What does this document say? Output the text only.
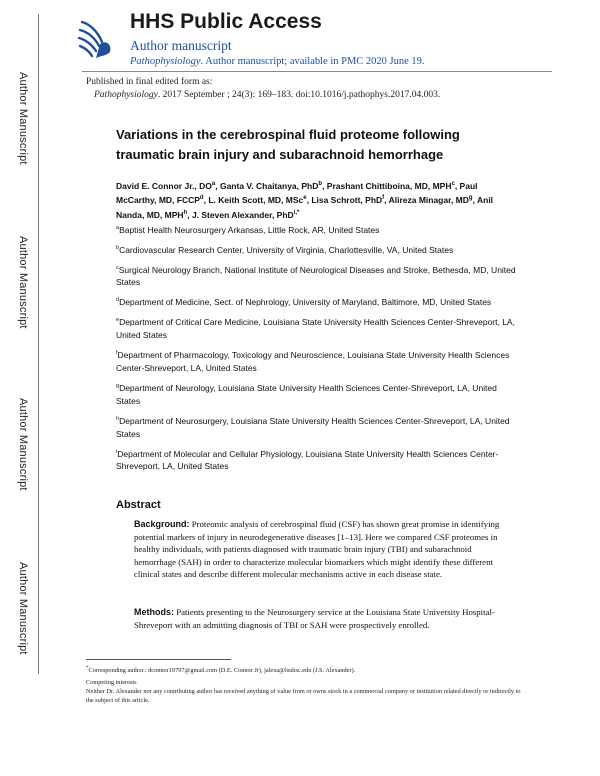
Author Manuscript
Author Manuscript
Author Manuscript
Author Manuscript
HHS Public Access
Author manuscript
Pathophysiology. Author manuscript; available in PMC 2020 June 19.
Published in final edited form as:
Pathophysiology. 2017 September ; 24(3): 169–183. doi:10.1016/j.pathophys.2017.04.003.
Variations in the cerebrospinal fluid proteome following traumatic brain injury and subarachnoid hemorrhage
David E. Connor Jr., $DO^a$, Ganta V. Chaitanya, PhD$^b$, Prashant Chittiboina, MD, MPH$^c$, Paul McCarthy, MD, FCCP$^d$, L. Keith Scott, MD, MSc$^e$, Lisa Schrott, PhD$^f$, Alireza Minagar, $MD^g$, Anil Nanda, MD, MPH$^h$, J. Steven Alexander, PhD$^{i,*}$
$^a$Baptist Health Neurosurgery Arkansas, Little Rock, AR, United States
$^b$Cardiovascular Research Center, University of Virginia, Charlottesville, VA, United States
$^c$Surgical Neurology Branch, National Institute of Neurological Diseases and Stroke, Bethesda, MD, United States
$^d$Department of Medicine, Sect. of Nephrology, University of Maryland, Baltimore, MD, United States
$^e$Department of Critical Care Medicine, Louisiana State University Health Sciences Center-Shreveport, LA, United States
$^f$Department of Pharmacology, Toxicology and Neuroscience, Louisiana State University Health Sciences Center-Shreveport, LA, United States
$^g$Department of Neurology, Louisiana State University Health Sciences Center-Shreveport, LA, United States
$^h$Department of Neurosurgery, Louisiana State University Health Sciences Center-Shreveport, LA, United States
$^i$Department of Molecular and Cellular Physiology, Louisiana State University Health Sciences Center-Shreveport, LA, United States
Abstract
Background: Proteomic analysis of cerebrospinal fluid (CSF) has shown great promise in identifying potential markers of injury in neurodegenerative diseases [1–13]. Here we compared CSF proteomes in healthy individuals, with patients diagnosed with traumatic brain injury (TBI) and subarachnoid hemorrhage (SAH) in order to characterize molecular biomarkers which might identify these different clinical states and describe different molecular mechanisms active in each disease state.
Methods: Patients presenting to the Neurosurgery service at the Louisiana State University Hospital-Shreveport with an admitting diagnosis of TBI or SAH were prospectively enrolled.
*Corresponding author.: dconnor19797@gmail.com (D.E. Connor Jr), jalexa@lsuhsc.edu (J.S. Alexander).
Competing interests
Neither Dr. Alexander nor any contributing author has received anything of value from or owns stock in a commercial company or institution related directly or indirectly to the subject of this article.
